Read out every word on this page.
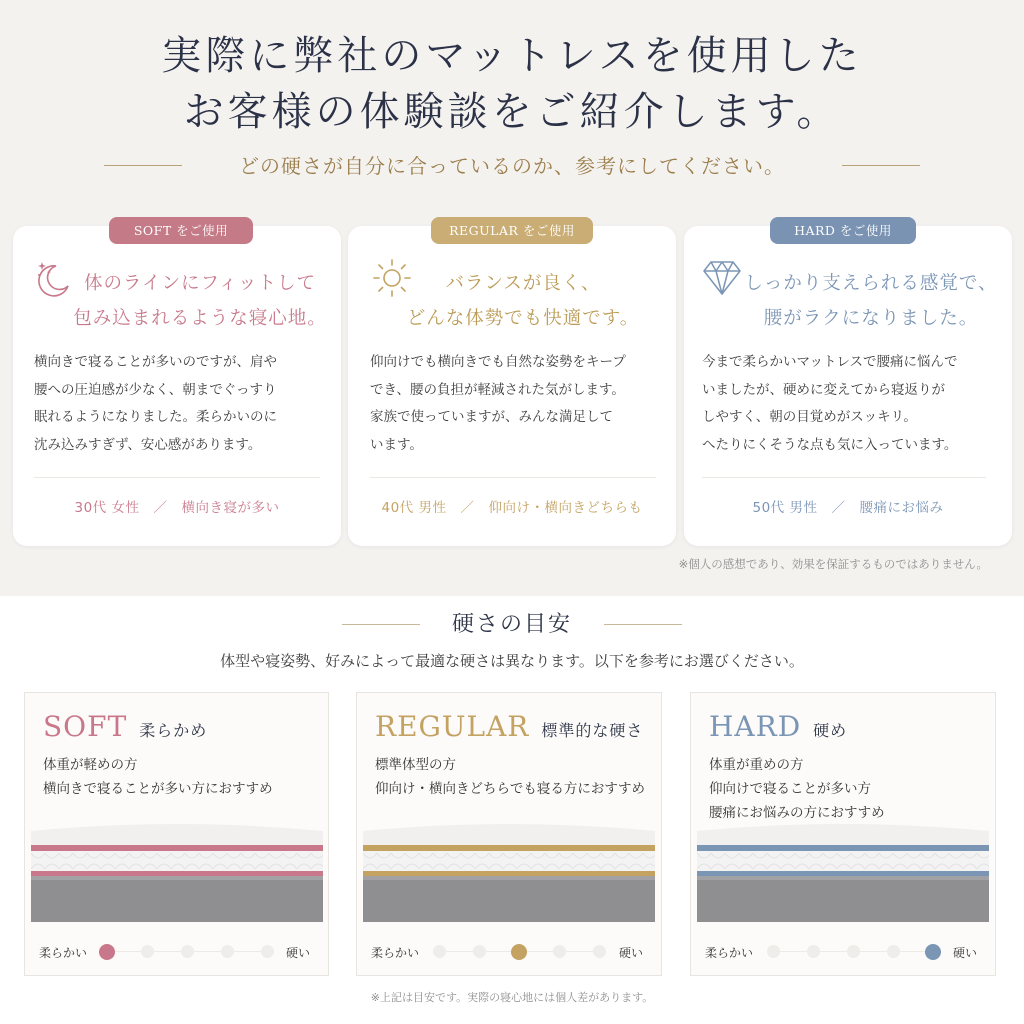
実際に弊社のマットレスを使用した
お客様の体験談をご紹介します。
どの硬さが自分に合っているのか、参考にしてください。
SOFT をご使用	REGULAR をご使用	HARD をご使用
体のラインにフィットして
包み込まれるような寝心地。
バランスが良く、
どんな体勢でも快適です。
しっかり支えられる感覚で、
腰がラクになりました。
横向きで寝ることが多いのですが、肩や
腰への圧迫感が少なく、朝までぐっすり
眠れるようになりました。柔らかいのに
沈み込みすぎず、安心感があります。
仰向けでも横向きでも自然な姿勢をキープ
でき、腰の負担が軽減された気がします。
家族で使っていますが、みんな満足して
います。
今まで柔らかいマットレスで腰痛に悩んで
いましたが、硬めに変えてから寝返りが
しやすく、朝の目覚めがスッキリ。
へたりにくそうな点も気に入っています。
30代 女性 ／ 横向き寝が多い	40代 男性 ／ 仰向け・横向きどちらも	50代 男性 ／ 腰痛にお悩み
※個人の感想であり、効果を保証するものではありません。
硬さの目安
体型や寝姿勢、好みによって最適な硬さは異なります。以下を参考にお選びください。
SOFT 柔らかめ
体重が軽めの方
横向きで寝ることが多い方におすすめ
柔らかい	硬い
REGULAR 標準的な硬さ
標準体型の方
仰向け・横向きどちらでも寝る方におすすめ
柔らかい	硬い
HARD 硬め
体重が重めの方
仰向けで寝ることが多い方
腰痛にお悩みの方におすすめ
柔らかい	硬い
※上記は目安です。実際の寝心地には個人差があります。
